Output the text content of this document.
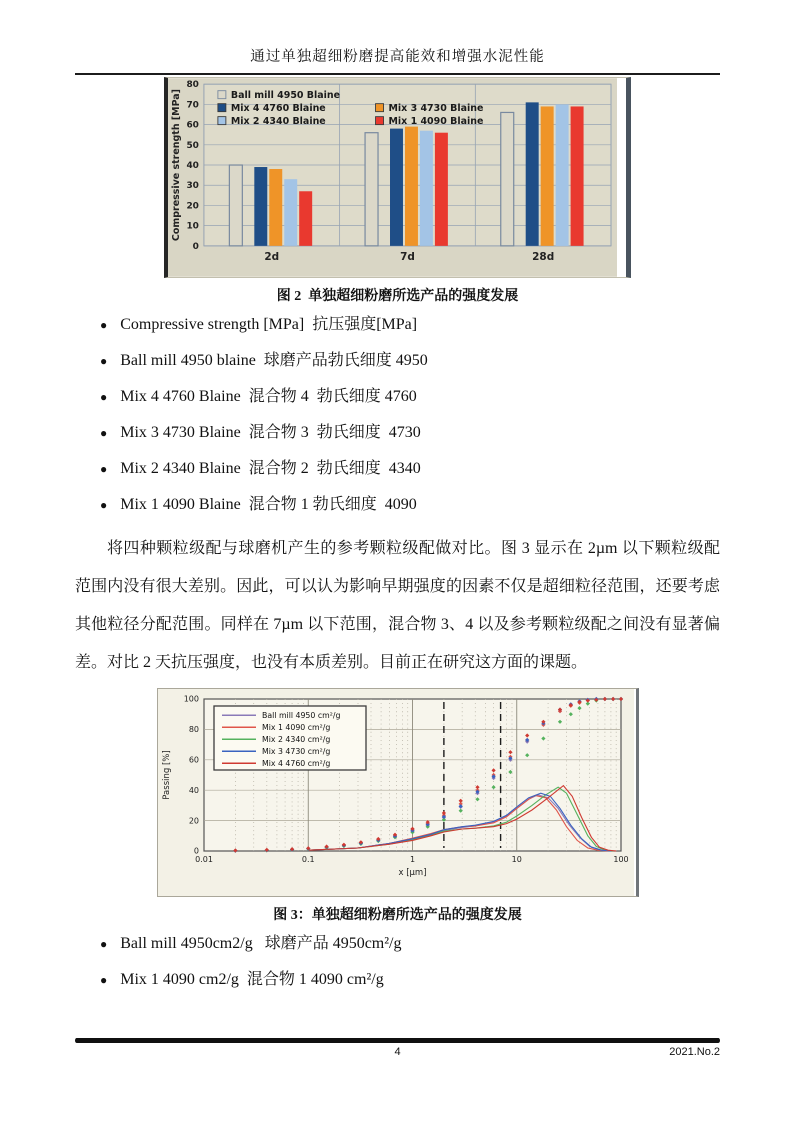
通过单独超细粉磨提高能效和增强水泥性能
0
10
20
30
40
50
60
70
80
2d	7d	28d
Ball mill 4950 Blaine
Mix 4 4760 Blaine	Mix 3 4730 Blaine
Mix 2 4340 Blaine	Mix 1 4090 Blaine
Compressive strength [MPa]
图 2  单独超细粉磨所选产品的强度发展
● Compressive strength [MPa]  抗压强度[MPa]
● Ball mill 4950 blaine  球磨产品勃氏细度 4950
● Mix 4 4760 Blaine  混合物 4  勃氏细度 4760
● Mix 3 4730 Blaine  混合物 3  勃氏细度  4730
● Mix 2 4340 Blaine  混合物 2  勃氏细度  4340
● Mix 1 4090 Blaine  混合物 1 勃氏细度  4090

将四种颗粒级配与球磨机产生的参考颗粒级配做对比。图 3 显示在 2µm 以下颗粒级配范围内没有很大差别。因此，可以认为影响早期强度的因素不仅是超细粒径范围，还要考虑其他粒径分配范围。同样在 7µm 以下范围，混合物 3、4 以及参考颗粒级配之间没有显著偏差。对比 2 天抗压强度，也没有本质差别。目前正在研究这方面的课题。

0
20
40
60
80
100
0.01	0.1	1	10	100
Ball mill 4950 cm²/g
Mix 1 4090 cm²/g
Mix 2 4340 cm²/g
Mix 3 4730 cm²/g
Mix 4 4760 cm²/g
x [µm]
Passing [%]
图 3：单独超细粉磨所选产品的强度发展
● Ball mill 4950cm2/g   球磨产品 4950cm²/g
● Mix 1 4090 cm2/g  混合物 1 4090 cm²/g
4	2021.No.2
